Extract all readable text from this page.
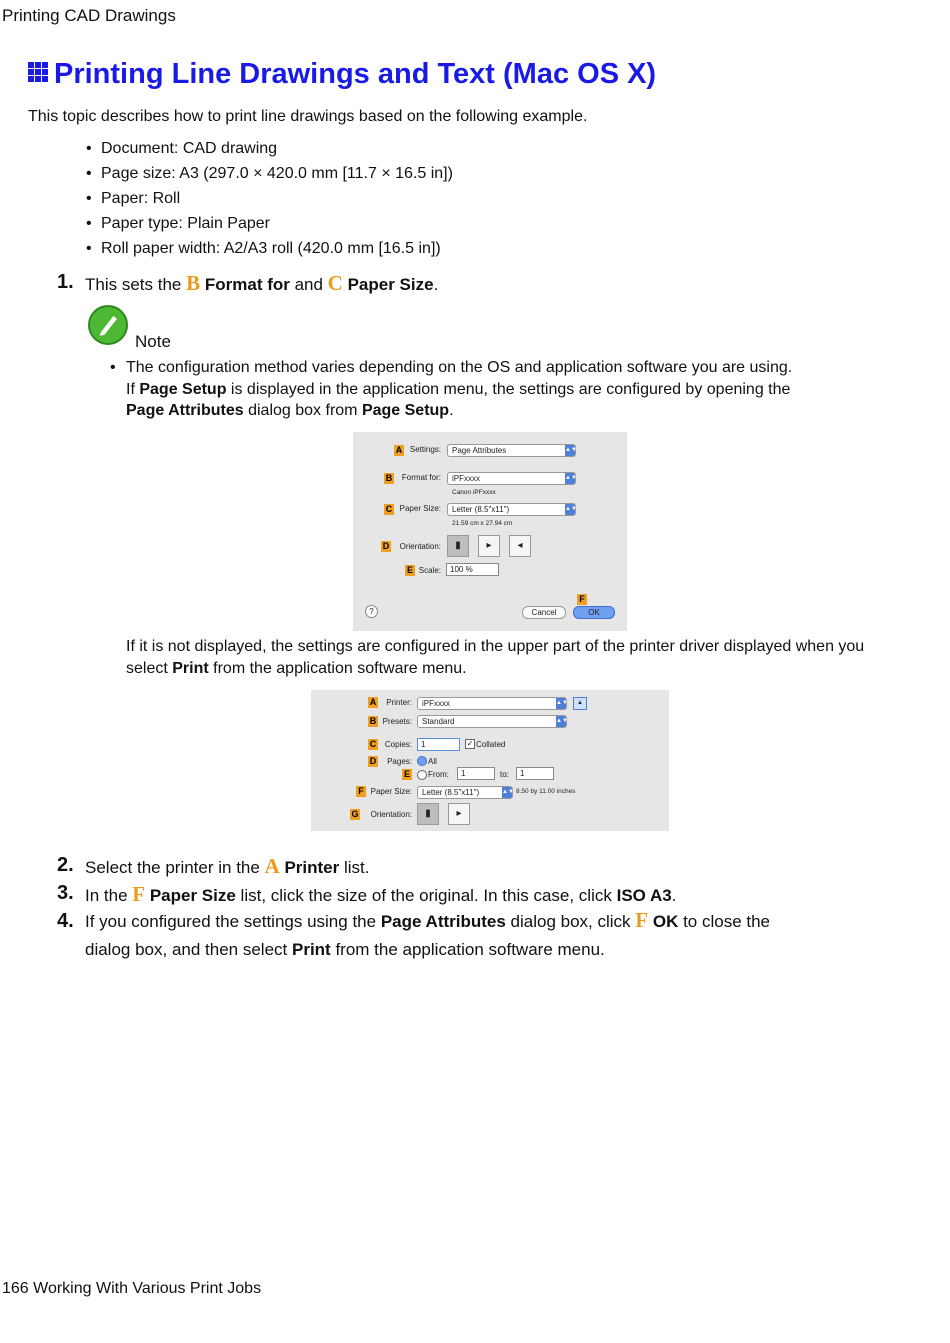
Printing CAD Drawings
Printing Line Drawings and Text (Mac OS X)
This topic describes how to print line drawings based on the following example.
• Document: CAD drawing
• Page size: A3 (297.0 × 420.0 mm [11.7 × 16.5 in])
• Paper: Roll
• Paper type: Plain Paper
• Roll paper width: A2/A3 roll (420.0 mm [16.5 in])
1. This sets the B Format for and C Paper Size.
Note
• The configuration method varies depending on the OS and application software you are using.
If Page Setup is displayed in the application menu, the settings are configured by opening the
Page Attributes dialog box from Page Setup.
A Settings:	Page Attributes	▲▼
B	Format for:	iPFxxxx	▲▼
Canon iPFxxxx
C Paper Size:	Letter (8.5"x11")	▲▼
21.59 cm x 27.94 cm
D	Orientation:	▮	▸	◂
E Scale:	100 %
?
F
Cancel	OK
If it is not displayed, the settings are configured in the upper part of the printer driver displayed when you select Print from the application software menu.
A	Printer:	iPFxxxx	▲▼	▲
B Presets:	Standard	▲▼
C	Copies:	1	✓ Collated
D	Pages: All
E From:	1	to:	1
F Paper Size:	Letter (8.5"x11")	▲▼ 8.50 by 11.00 inches
G	Orientation:	▮	▸
2. Select the printer in the A Printer list.
3. In the F Paper Size list, click the size of the original. In this case, click ISO A3.
4. If you configured the settings using the Page Attributes dialog box, click F OK to close the
dialog box, and then select Print from the application software menu.
166 Working With Various Print Jobs
